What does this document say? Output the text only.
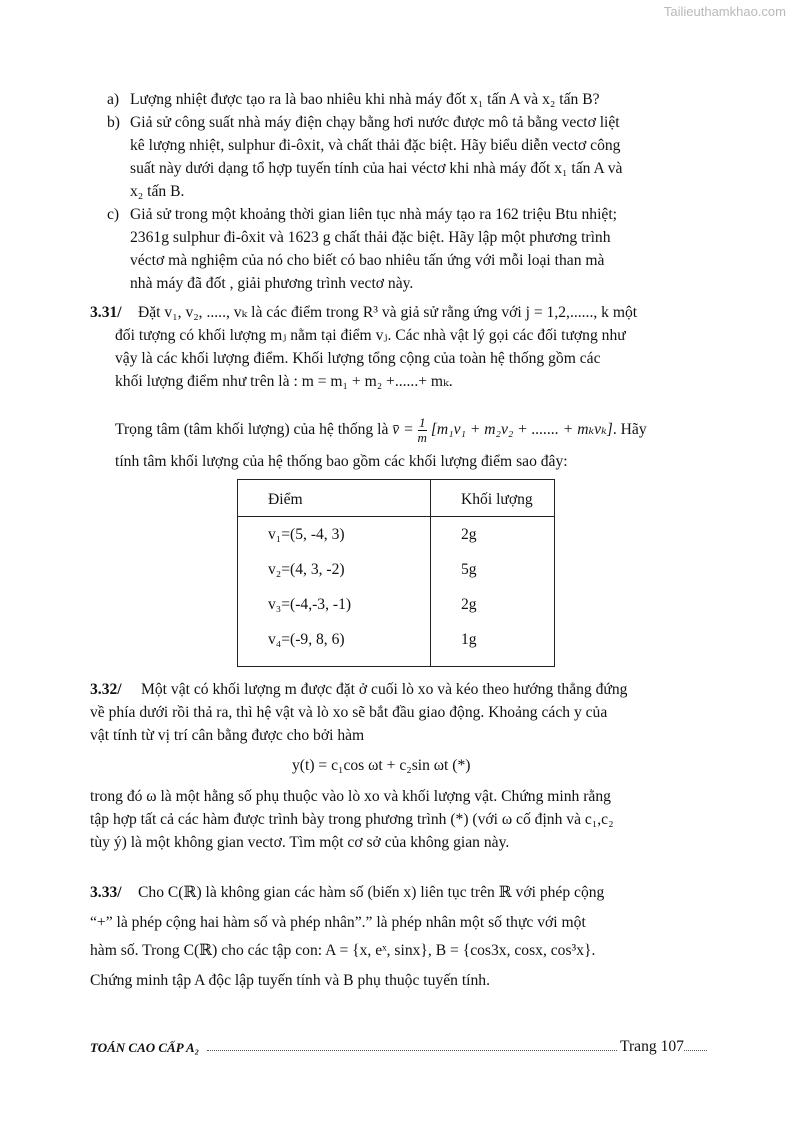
Tailieuthamkhao.com
a) Lượng nhiệt được tạo ra là bao nhiêu khi nhà máy đốt x₁ tấn A và x₂ tấn B?
b) Giả sử công suất nhà máy điện chạy bằng hơi nước được mô tả bằng vectơ liệt
kê lượng nhiệt, sulphur đi-ôxit, và chất thải đặc biệt. Hãy biểu diễn vectơ công
suất này dưới dạng tổ hợp tuyến tính của hai véctơ khi nhà máy đốt x₁ tấn A và
x₂ tấn B.
c) Giả sử trong một khoảng thời gian liên tục nhà máy tạo ra 162 triệu Btu nhiệt;
2361g sulphur đi-ôxit và 1623 g chất thải đặc biệt. Hãy lập một phương trình
véctơ mà nghiệm của nó cho biết có bao nhiêu tấn ứng với mỗi loại than mà
nhà máy đã đốt , giải phương trình vectơ này.
3.31/ Đặt v₁, v₂, ....., vₖ là các điểm trong R³ và giả sử rằng ứng với j = 1,2,......, k một
đối tượng có khối lượng mⱼ nằm tại điểm vⱼ. Các nhà vật lý gọi các đối tượng như
vậy là các khối lượng điểm. Khối lượng tổng cộng của toàn hệ thống gồm các
khối lượng điểm như trên là : m = m₁ + m₂ +......+ mₖ.
Trọng tâm (tâm khối lượng) của hệ thống là v̄ = $\frac{1}{m} [m_1v_1 + m_2v_2$ + ....... + mₖvₖ]. Hãy
tính tâm khối lượng của hệ thống bao gồm các khối lượng điểm sao đây:
Điểm	Khối lượng
v₁=(5, -4, 3)	2g
v₂=(4, 3, -2)	5g
v₃=(-4,-3, -1)	2g
v₄=(-9, 8, 6)	1g
3.32/ Một vật có khối lượng m được đặt ở cuối lò xo và kéo theo hướng thẳng đứng
về phía dưới rồi thả ra, thì hệ vật và lò xo sẽ bắt đầu giao động. Khoảng cách y của
vật tính từ vị trí cân bằng được cho bởi hàm
y(t) = c₁cos ωt + c₂sin ωt (*)
trong đó ω là một hằng số phụ thuộc vào lò xo và khối lượng vật. Chứng minh rằng
tập hợp tất cả các hàm được trình bày trong phương trình (*) (với ω cố định và c₁,c₂
tùy ý) là một không gian vectơ. Tìm một cơ sở của không gian này.
3.33/ Cho C(ℝ) là không gian các hàm số (biến x) liên tục trên ℝ với phép cộng
“+” là phép cộng hai hàm số và phép nhân”.” là phép nhân một số thực với một
hàm số. Trong C(ℝ) cho các tập con: A = {x, eˣ, sinx}, B = {cos3x, cosx, cos³x}.
Chứng minh tập A độc lập tuyến tính và B phụ thuộc tuyến tính.
TOÁN CAO CẤP A₂	Trang 107
